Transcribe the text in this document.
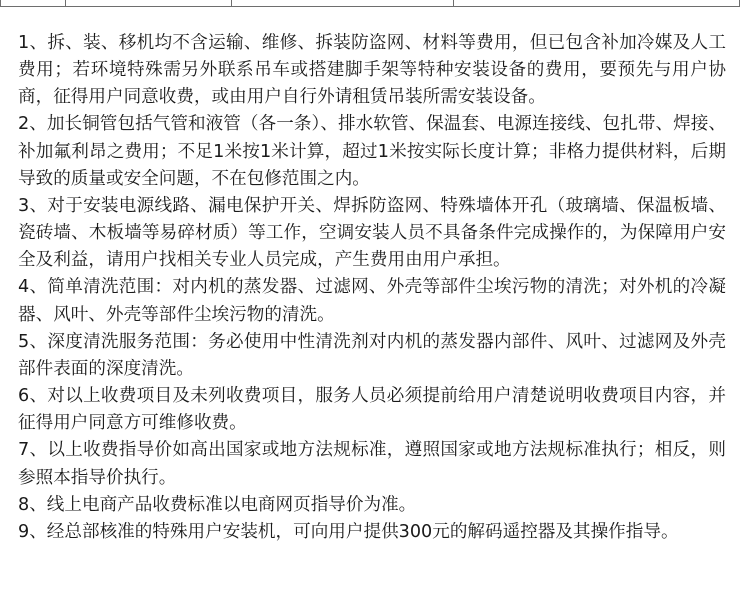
1、拆、装、移机均不含运输、维修、拆装防盗网、材料等费用，但已包含补加冷媒及人工费用；若环境特殊需另外联系吊车或搭建脚手架等特种安装设备的费用，要预先与用户协商，征得用户同意收费，或由用户自行外请租赁吊装所需安装设备。
2、加长铜管包括气管和液管（各一条）、排水软管、保温套、电源连接线、包扎带、焊接、补加氟利昂之费用；不足1米按1米计算，超过1米按实际长度计算；非格力提供材料，后期导致的质量或安全问题，不在包修范围之内。
3、对于安装电源线路、漏电保护开关、焊拆防盗网、特殊墙体开孔（玻璃墙、保温板墙、瓷砖墙、木板墙等易碎材质）等工作，空调安装人员不具备条件完成操作的，为保障用户安全及利益，请用户找相关专业人员完成，产生费用由用户承担。
4、简单清洗范围：对内机的蒸发器、过滤网、外壳等部件尘埃污物的清洗；对外机的冷凝器、风叶、外壳等部件尘埃污物的清洗。
5、深度清洗服务范围：务必使用中性清洗剂对内机的蒸发器内部件、风叶、过滤网及外壳部件表面的深度清洗。
6、对以上收费项目及未列收费项目，服务人员必须提前给用户清楚说明收费项目内容，并征得用户同意方可维修收费。
7、以上收费指导价如高出国家或地方法规标准，遵照国家或地方法规标准执行；相反，则参照本指导价执行。
8、线上电商产品收费标准以电商网页指导价为准。
9、经总部核准的特殊用户安装机，可向用户提供300元的解码遥控器及其操作指导。
